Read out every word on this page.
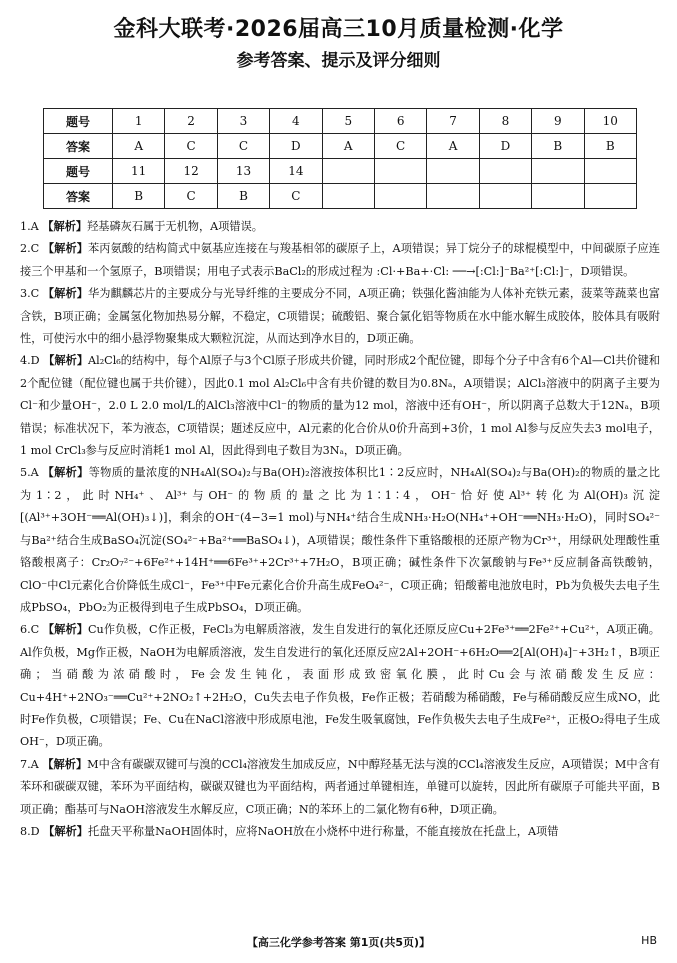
金科大联考·2026届高三10月质量检测·化学
参考答案、提示及评分细则
题号	1	2	3	4	5	6	7	8	9	10
答案	A	C	C	D	A	C	A	D	B	B
题号	11	12	13	14						
答案	B	C	B	C						

1.A 【解析】羟基磷灰石属于无机物，A项错误。

2.C 【解析】苯丙氨酸的结构简式中氨基应连接在与羧基相邻的碳原子上，A项错误；异丁烷分子的球棍模型中，中间碳原子应连接三个甲基和一个氢原子，B项错误；用电子式表示BaCl₂的形成过程为 :Cl·+Ba+·Cl: ──→[:Cl:]⁻Ba²⁺[:Cl:]⁻，D项错误。

3.C 【解析】华为麒麟芯片的主要成分与光导纤维的主要成分不同，A项正确；铁强化酱油能为人体补充铁元素，菠菜等蔬菜也富含铁，B项正确；金属氢化物加热易分解，不稳定，C项错误；硫酸铝、聚合氯化铝等物质在水中能水解生成胶体，胶体具有吸附性，可使污水中的细小悬浮物聚集成大颗粒沉淀，从而达到净水目的，D项正确。

4.D 【解析】Al₂Cl₆的结构中，每个Al原子与3个Cl原子形成共价键，同时形成2个配位键，即每个分子中含有6个Al—Cl共价键和2个配位键（配位键也属于共价键），因此0.1 mol Al₂Cl₆中含有共价键的数目为0.8Nₐ，A项错误；AlCl₃溶液中的阴离子主要为Cl⁻和少量OH⁻，2.0 L 2.0 mol/L的AlCl₃溶液中Cl⁻的物质的量为12 mol，溶液中还有OH⁻，所以阴离子总数大于12Nₐ，B项错误；标准状况下，苯为液态，C项错误；题述反应中，Al元素的化合价从0价升高到+3价，1 mol Al参与反应失去3 mol电子，1 mol CrCl₃参与反应时消耗1 mol Al，因此得到电子数目为3Nₐ，D项正确。

5.A 【解析】等物质的量浓度的NH₄Al(SO₄)₂与Ba(OH)₂溶液按体积比1∶2反应时，NH₄Al(SO₄)₂与Ba(OH)₂的物质的量之比为1∶2，此时NH₄⁺、Al³⁺与OH⁻的物质的量之比为1∶1∶4，OH⁻恰好使Al³⁺转化为Al(OH)₃沉淀[(Al³⁺+3OH⁻══Al(OH)₃↓)]，剩余的OH⁻(4−3=1 mol)与NH₄⁺结合生成NH₃·H₂O(NH₄⁺+OH⁻══NH₃·H₂O)，同时SO₄²⁻与Ba²⁺结合生成BaSO₄沉淀(SO₄²⁻+Ba²⁺══BaSO₄↓)，A项错误；酸性条件下重铬酸根的还原产物为Cr³⁺，用绿矾处理酸性重铬酸根离子：Cr₂O₇²⁻+6Fe²⁺+14H⁺══6Fe³⁺+2Cr³⁺+7H₂O，B项正确；碱性条件下次氯酸钠与Fe³⁺反应制备高铁酸钠，ClO⁻中Cl元素化合价降低生成Cl⁻，Fe³⁺中Fe元素化合价升高生成FeO₄²⁻，C项正确；铅酸蓄电池放电时，Pb为负极失去电子生成PbSO₄，PbO₂为正极得到电子生成PbSO₄，D项正确。

6.C 【解析】Cu作负极，C作正极，FeCl₃为电解质溶液，发生自发进行的氧化还原反应Cu+2Fe³⁺══2Fe²⁺+Cu²⁺，A项正确。Al作负极，Mg作正极，NaOH为电解质溶液，发生自发进行的氧化还原反应2Al+2OH⁻+6H₂O══2[Al(OH)₄]⁻+3H₂↑，B项正确；当硝酸为浓硝酸时，Fe会发生钝化，表面形成致密氧化膜，此时Cu会与浓硝酸发生反应：Cu+4H⁺+2NO₃⁻══Cu²⁺+2NO₂↑+2H₂O，Cu失去电子作负极，Fe作正极；若硝酸为稀硝酸，Fe与稀硝酸反应生成NO，此时Fe作负极，C项错误；Fe、Cu在NaCl溶液中形成原电池，Fe发生吸氧腐蚀，Fe作负极失去电子生成Fe²⁺，正极O₂得电子生成OH⁻，D项正确。

7.A 【解析】M中含有碳碳双键可与溴的CCl₄溶液发生加成反应，N中醇羟基无法与溴的CCl₄溶液发生反应，A项错误；M中含有苯环和碳碳双键，苯环为平面结构，碳碳双键也为平面结构，两者通过单键相连，单键可以旋转，因此所有碳原子可能共平面，B项正确；酯基可与NaOH溶液发生水解反应，C项正确；N的苯环上的二氯化物有6种，D项正确。

8.D 【解析】托盘天平称量NaOH固体时，应将NaOH放在小烧杯中进行称量，不能直接放在托盘上，A项错

【高三化学参考答案 第1页(共5页)】	HB
